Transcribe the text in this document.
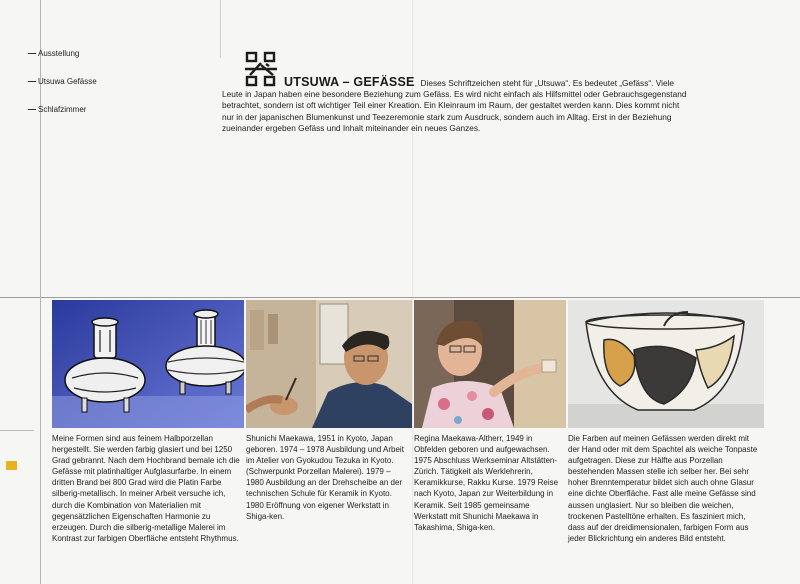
Ausstellung
Utsuwa Gefässe
Schlafzimmer
UTSUWA – GEFÄSSE Dieses Schriftzeichen steht für „Utsuwa“. Es bedeutet „Gefäss“. Viele Leute in Japan haben eine besondere Beziehung zum Gefäss. Es wird nicht einfach als Hilfsmittel oder Gebrauchsgegenstand betrachtet, sondern ist oft wichtiger Teil einer Kreation. Ein Kleinraum im Raum, der gestaltet werden kann. Dies kommt nicht nur in der japanischen Blumenkunst und Teezeremonie stark zum Ausdruck, sondern auch im Alltag. Erst in der Beziehung zueinander ergeben Gefäss und Inhalt miteinander ein neues Ganzes.
Meine Formen sind aus feinem Halbporzellan hergestellt. Sie werden farbig glasiert und bei 1250 Grad gebrannt. Nach dem Hochbrand bemale ich die Gefässe mit platinhaltiger Aufglasurfarbe. In einem dritten Brand bei 800 Grad wird die Platin Farbe silberig-metallisch. In meiner Arbeit versuche ich, durch die Kombination von Materialien mit gegensätzlichen Eigenschaften Harmonie zu erzeugen. Durch die silberig-metallige Malerei im Kontrast zur farbigen Oberfläche entsteht Rhythmus.
Shunichi Maekawa, 1951 in Kyoto, Japan geboren. 1974 – 1978 Ausbildung und Arbeit im Atelier von Gyokudou Tezuka in Kyoto. (Schwerpunkt Porzellan Malerei). 1979 – 1980 Ausbildung an der Drehscheibe an der technischen Schule für Keramik in Kyoto. 1980 Eröffnung von eigener Werkstatt in Shiga-ken.
Regina Maekawa-Altherr, 1949 in Obfelden geboren und aufgewachsen. 1975 Abschluss Werkseminar Altstätten-Zürich. Tätigkeit als Werklehrerin, Keramikkurse, Rakku Kurse. 1979 Reise nach Kyoto, Japan zur Weiterbildung in Keramik. Seit 1985 gemeinsame Werkstatt mit Shunichi Maekawa in Takashima, Shiga-ken.
Die Farben auf meinen Gefässen werden direkt mit der Hand oder mit dem Spachtel als weiche Tonpaste aufgetragen. Diese zur Hälfte aus Porzellan bestehenden Massen stelle ich selber her. Bei sehr hoher Brenntemperatur bildet sich auch ohne Glasur eine dichte Oberfläche. Fast alle meine Gefässe sind aussen unglasiert. Nur so bleiben die weichen, trockenen Pastelltöne erhalten. Es fasziniert mich, dass auf der dreidimensionalen, farbigen Form aus jeder Blickrichtung ein anderes Bild entsteht.
